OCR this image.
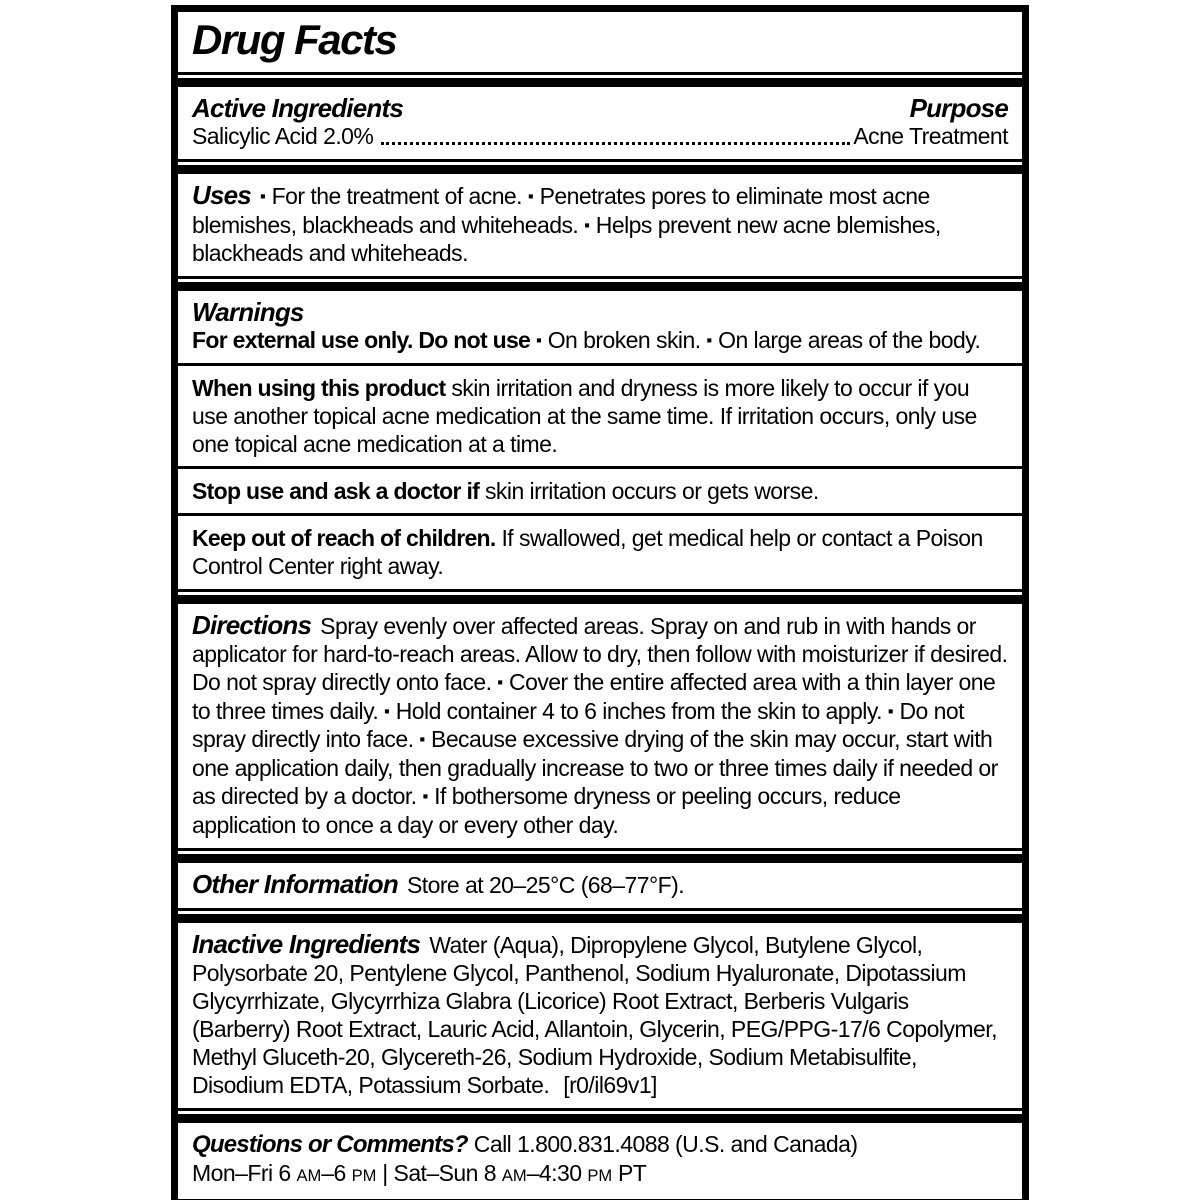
Drug Facts
Active Ingredients	Purpose
Salicylic Acid 2.0%	Acne Treatment

Uses ▪ For the treatment of acne. ▪ Penetrates pores to eliminate most acne blemishes, blackheads and whiteheads. ▪ Helps prevent new acne blemishes, blackheads and whiteheads.

Warnings

For external use only. Do not use ▪ On broken skin. ▪ On large areas of the body.

When using this product skin irritation and dryness is more likely to occur if you use another topical acne medication at the same time. If irritation occurs, only use one topical acne medication at a time.

Stop use and ask a doctor if skin irritation occurs or gets worse.

Keep out of reach of children. If swallowed, get medical help or contact a Poison Control Center right away.

Directions Spray evenly over affected areas. Spray on and rub in with hands or applicator for hard-to-reach areas. Allow to dry, then follow with moisturizer if desired. Do not spray directly onto face. ▪ Cover the entire affected area with a thin layer one to three times daily. ▪ Hold container 4 to 6 inches from the skin to apply. ▪ Do not spray directly into face. ▪ Because excessive drying of the skin may occur, start with one application daily, then gradually increase to two or three times daily if needed or as directed by a doctor. ▪ If bothersome dryness or peeling occurs, reduce application to once a day or every other day.

Other Information Store at 20–25°C (68–77°F).

Inactive Ingredients Water (Aqua), Dipropylene Glycol, Butylene Glycol, Polysorbate 20, Pentylene Glycol, Panthenol, Sodium Hyaluronate, Dipotassium Glycyrrhizate, Glycyrrhiza Glabra (Licorice) Root Extract, Berberis Vulgaris (Barberry) Root Extract, Lauric Acid, Allantoin, Glycerin, PEG/PPG-17/6 Copolymer, Methyl Gluceth-20, Glycereth-26, Sodium Hydroxide, Sodium Metabisulfite, Disodium EDTA, Potassium Sorbate. [r0/il69v1]

Questions or Comments? Call 1.800.831.4088 (U.S. and Canada)

Mon–Fri 6 AM–6 PM | Sat–Sun 8 AM–4:30 PM PT
